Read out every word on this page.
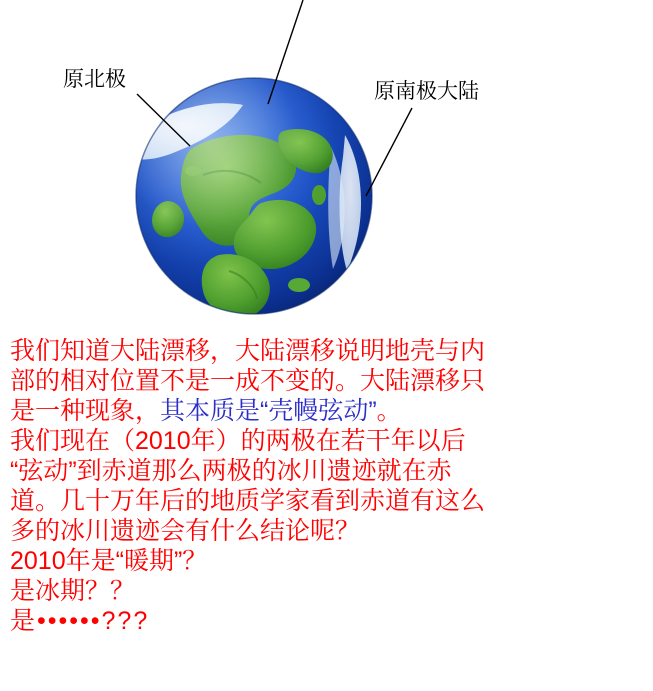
原北极
原南极大陆
我们知道大陆漂移，大陆漂移说明地壳与内
部的相对位置不是一成不变的。大陆漂移只
是一种现象，其本质是“壳幔弦动”。
我们现在（2010年）的两极在若干年以后
“弦动”到赤道那么两极的冰川遗迹就在赤
道。几十万年后的地质学家看到赤道有这么
多的冰川遗迹会有什么结论呢？
2010年是“暖期”？
是冰期？？
是••••••???
